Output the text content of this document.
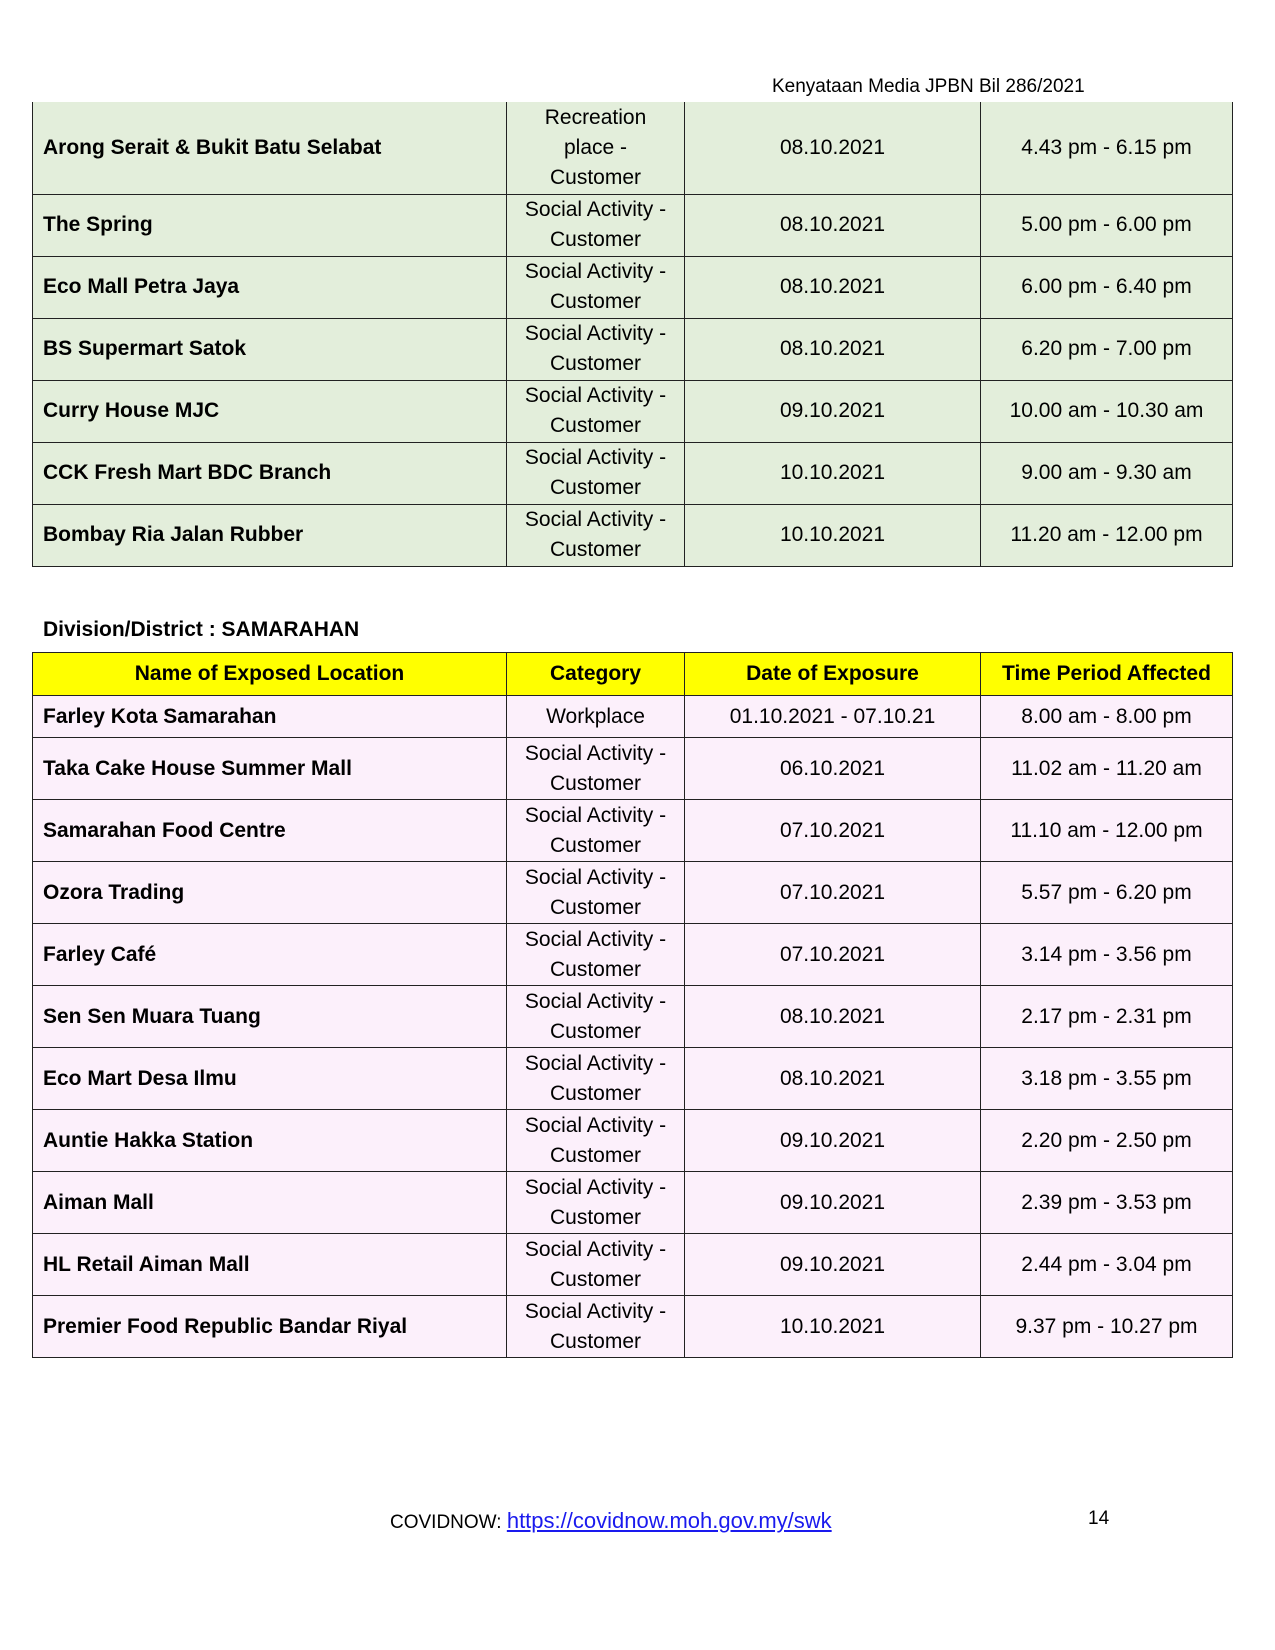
Kenyataan Media JPBN Bil 286/2021
Arong Serait & Bukit Batu Selabat	Recreation place - Customer	08.10.2021	4.43 pm - 6.15 pm
The Spring	Social Activity - Customer	08.10.2021	5.00 pm - 6.00 pm
Eco Mall Petra Jaya	Social Activity - Customer	08.10.2021	6.00 pm - 6.40 pm
BS Supermart Satok	Social Activity - Customer	08.10.2021	6.20 pm - 7.00 pm
Curry House MJC	Social Activity - Customer	09.10.2021	10.00 am - 10.30 am
CCK Fresh Mart BDC Branch	Social Activity - Customer	10.10.2021	9.00 am - 9.30 am
Bombay Ria Jalan Rubber	Social Activity - Customer	10.10.2021	11.20 am - 12.00 pm
Division/District : SAMARAHAN
Name of Exposed Location	Category	Date of Exposure	Time Period Affected
Farley Kota Samarahan	Workplace	01.10.2021 - 07.10.21	8.00 am - 8.00 pm
Taka Cake House Summer Mall	Social Activity - Customer	06.10.2021	11.02 am - 11.20 am
Samarahan Food Centre	Social Activity - Customer	07.10.2021	11.10 am - 12.00 pm
Ozora Trading	Social Activity - Customer	07.10.2021	5.57 pm - 6.20 pm
Farley Café	Social Activity - Customer	07.10.2021	3.14 pm - 3.56 pm
Sen Sen Muara Tuang	Social Activity - Customer	08.10.2021	2.17 pm - 2.31 pm
Eco Mart Desa Ilmu	Social Activity - Customer	08.10.2021	3.18 pm - 3.55 pm
Auntie Hakka Station	Social Activity - Customer	09.10.2021	2.20 pm - 2.50 pm
Aiman Mall	Social Activity - Customer	09.10.2021	2.39 pm - 3.53 pm
HL Retail Aiman Mall	Social Activity - Customer	09.10.2021	2.44 pm - 3.04 pm
Premier Food Republic Bandar Riyal	Social Activity - Customer	10.10.2021	9.37 pm - 10.27 pm
COVIDNOW: https://covidnow.moh.gov.my/swk	14
